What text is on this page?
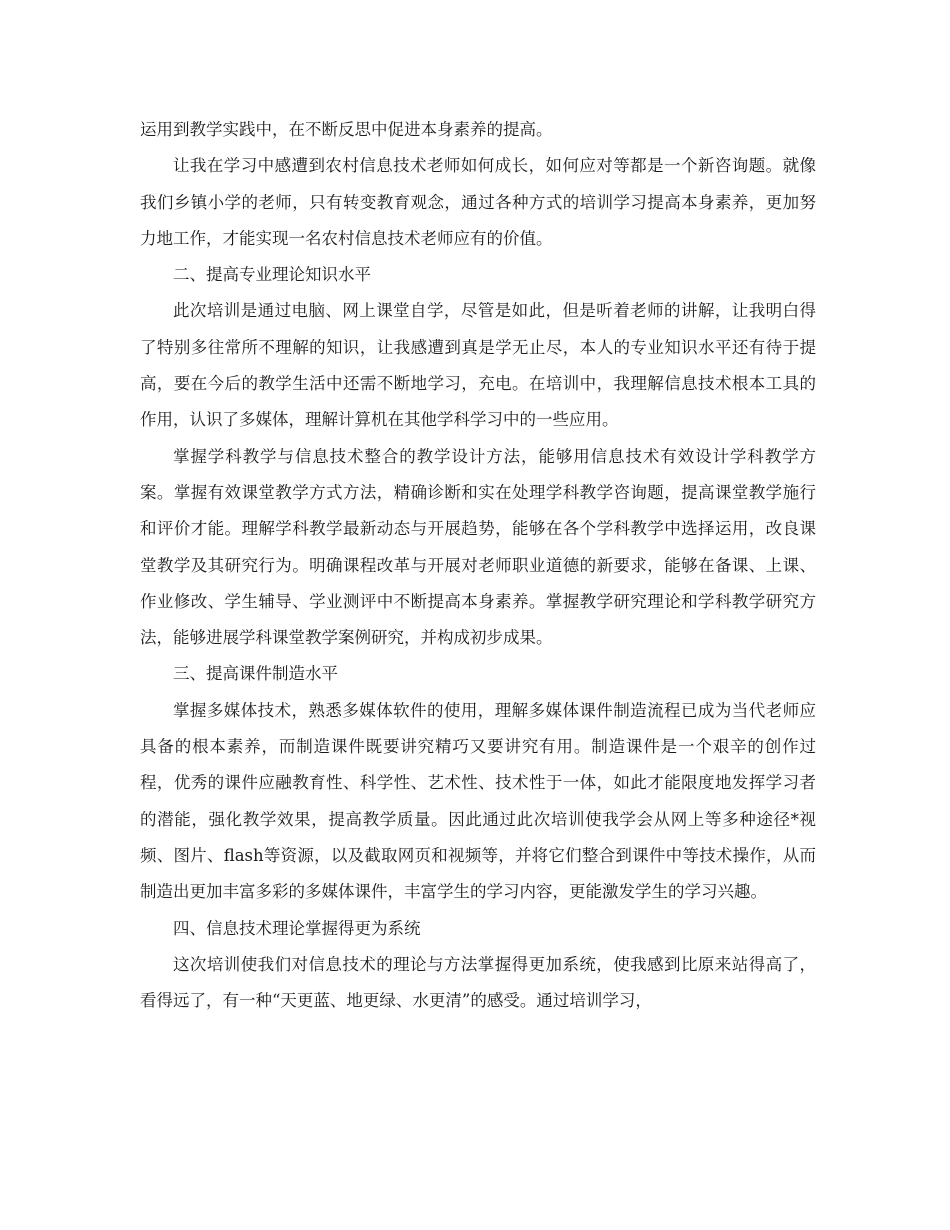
运用到教学实践中，在不断反思中促进本身素养的提高。

让我在学习中感遭到农村信息技术老师如何成长，如何应对等都是一个新咨询题。就像我们乡镇小学的老师，只有转变教育观念，通过各种方式的培训学习提高本身素养，更加努力地工作，才能实现一名农村信息技术老师应有的价值。

二、提高专业理论知识水平

此次培训是通过电脑、网上课堂自学，尽管是如此，但是听着老师的讲解，让我明白得了特别多往常所不理解的知识，让我感遭到真是学无止尽，本人的专业知识水平还有待于提高，要在今后的教学生活中还需不断地学习，充电。在培训中，我理解信息技术根本工具的作用，认识了多媒体，理解计算机在其他学科学习中的一些应用。

掌握学科教学与信息技术整合的教学设计方法，能够用信息技术有效设计学科教学方案。掌握有效课堂教学方式方法，精确诊断和实在处理学科教学咨询题，提高课堂教学施行和评价才能。理解学科教学最新动态与开展趋势，能够在各个学科教学中选择运用，改良课堂教学及其研究行为。明确课程改革与开展对老师职业道德的新要求，能够在备课、上课、作业修改、学生辅导、学业测评中不断提高本身素养。掌握教学研究理论和学科教学研究方法，能够进展学科课堂教学案例研究，并构成初步成果。

三、提高课件制造水平

掌握多媒体技术，熟悉多媒体软件的使用，理解多媒体课件制造流程已成为当代老师应具备的根本素养，而制造课件既要讲究精巧又要讲究有用。制造课件是一个艰辛的创作过程，优秀的课件应融教育性、科学性、艺术性、技术性于一体，如此才能限度地发挥学习者的潜能，强化教学效果，提高教学质量。因此通过此次培训使我学会从网上等多种途径*视频、图片、flash等资源，以及截取网页和视频等，并将它们整合到课件中等技术操作，从而制造出更加丰富多彩的多媒体课件，丰富学生的学习内容，更能激发学生的学习兴趣。

四、信息技术理论掌握得更为系统

这次培训使我们对信息技术的理论与方法掌握得更加系统，使我感到比原来站得高了，看得远了，有一种“天更蓝、地更绿、水更清”的感受。通过培训学习，
